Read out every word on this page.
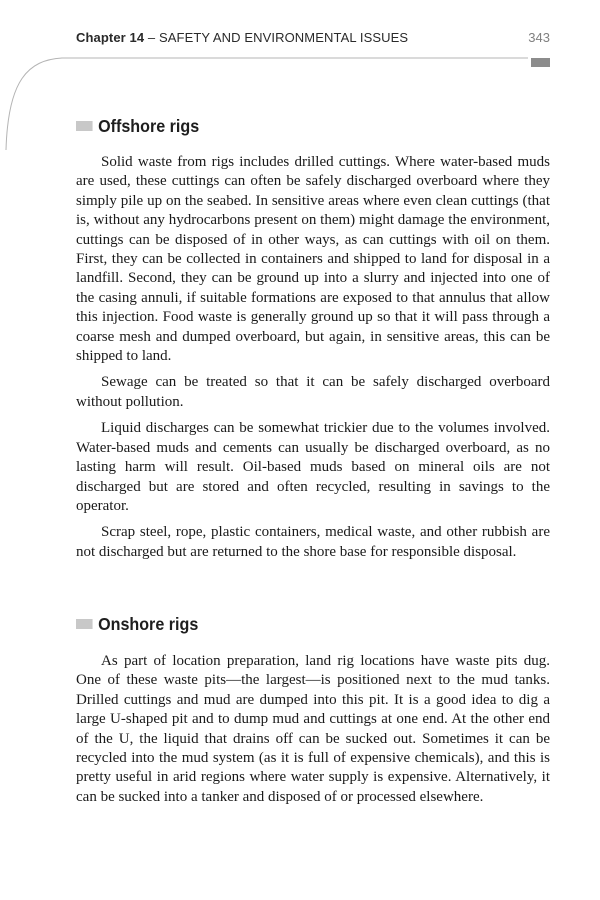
Chapter 14 – SAFETY AND ENVIRONMENTAL ISSUES	343
Offshore rigs

Solid waste from rigs includes drilled cuttings. Where water-based muds are used, these cuttings can often be safely discharged overboard where they simply pile up on the seabed. In sensitive areas where even clean cuttings (that is, without any hydrocarbons present on them) might damage the environment, cuttings can be disposed of in other ways, as can cuttings with oil on them. First, they can be collected in containers and shipped to land for disposal in a landfill. Second, they can be ground up into a slurry and injected into one of the casing annuli, if suitable formations are exposed to that annulus that allow this injection. Food waste is generally ground up so that it will pass through a coarse mesh and dumped overboard, but again, in sensitive areas, this can be shipped to land.

Sewage can be treated so that it can be safely discharged overboard without pollution.

Liquid discharges can be somewhat trickier due to the volumes involved. Water-based muds and cements can usually be discharged overboard, as no lasting harm will result. Oil-based muds based on mineral oils are not discharged but are stored and often recycled, resulting in savings to the operator.

Scrap steel, rope, plastic containers, medical waste, and other rubbish are not discharged but are returned to the shore base for responsible disposal.

Onshore rigs

As part of location preparation, land rig locations have waste pits dug. One of these waste pits—the largest—is positioned next to the mud tanks. Drilled cuttings and mud are dumped into this pit. It is a good idea to dig a large U-shaped pit and to dump mud and cuttings at one end. At the other end of the U, the liquid that drains off can be sucked out. Sometimes it can be recycled into the mud system (as it is full of expensive chemicals), and this is pretty useful in arid regions where water supply is expensive. Alternatively, it can be sucked into a tanker and disposed of or processed elsewhere.
